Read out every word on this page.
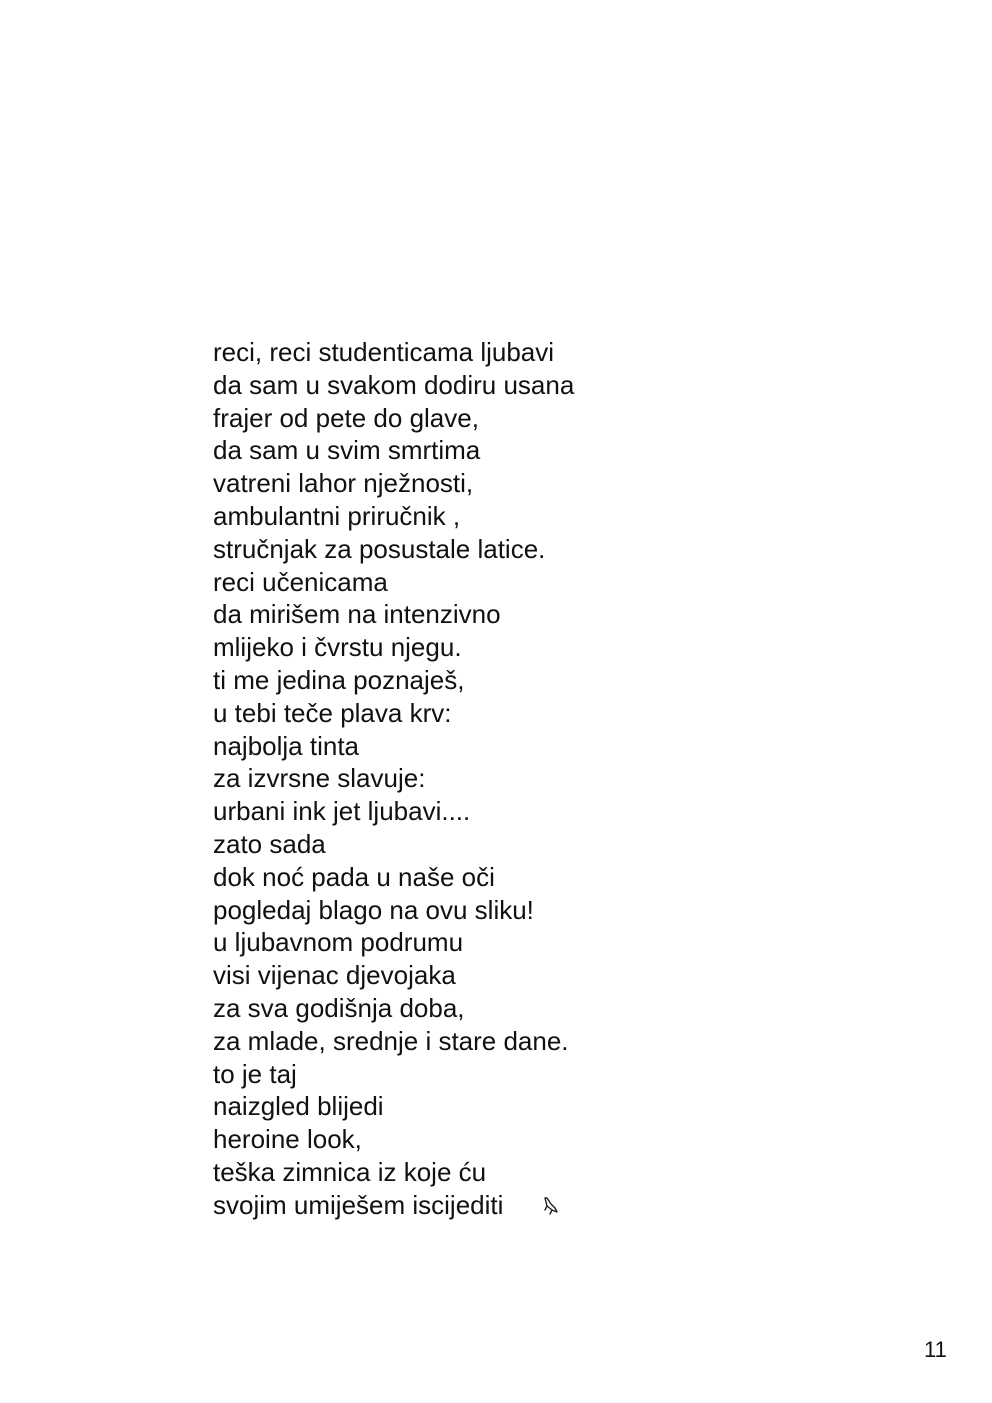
reci, reci studenticama ljubavi
da sam u svakom dodiru usana
frajer od pete do glave,
da sam u svim smrtima
vatreni lahor nježnosti,
ambulantni priručnik ,
stručnjak za posustale latice.
reci učenicama
da mirišem na intenzivno
mlijeko i čvrstu njegu.
ti me jedina poznaješ,
u tebi teče plava krv:
najbolja tinta
za izvrsne slavuje:
urbani ink jet ljubavi....
zato sada
dok noć pada u naše oči
pogledaj blago na ovu sliku!
u ljubavnom podrumu
visi vijenac djevojaka
za sva godišnja doba,
za mlade, srednje i stare dane.
to je taj
naizgled blijedi
heroine look,
teška zimnica iz koje ću
svojim umiješem iscijediti
11
